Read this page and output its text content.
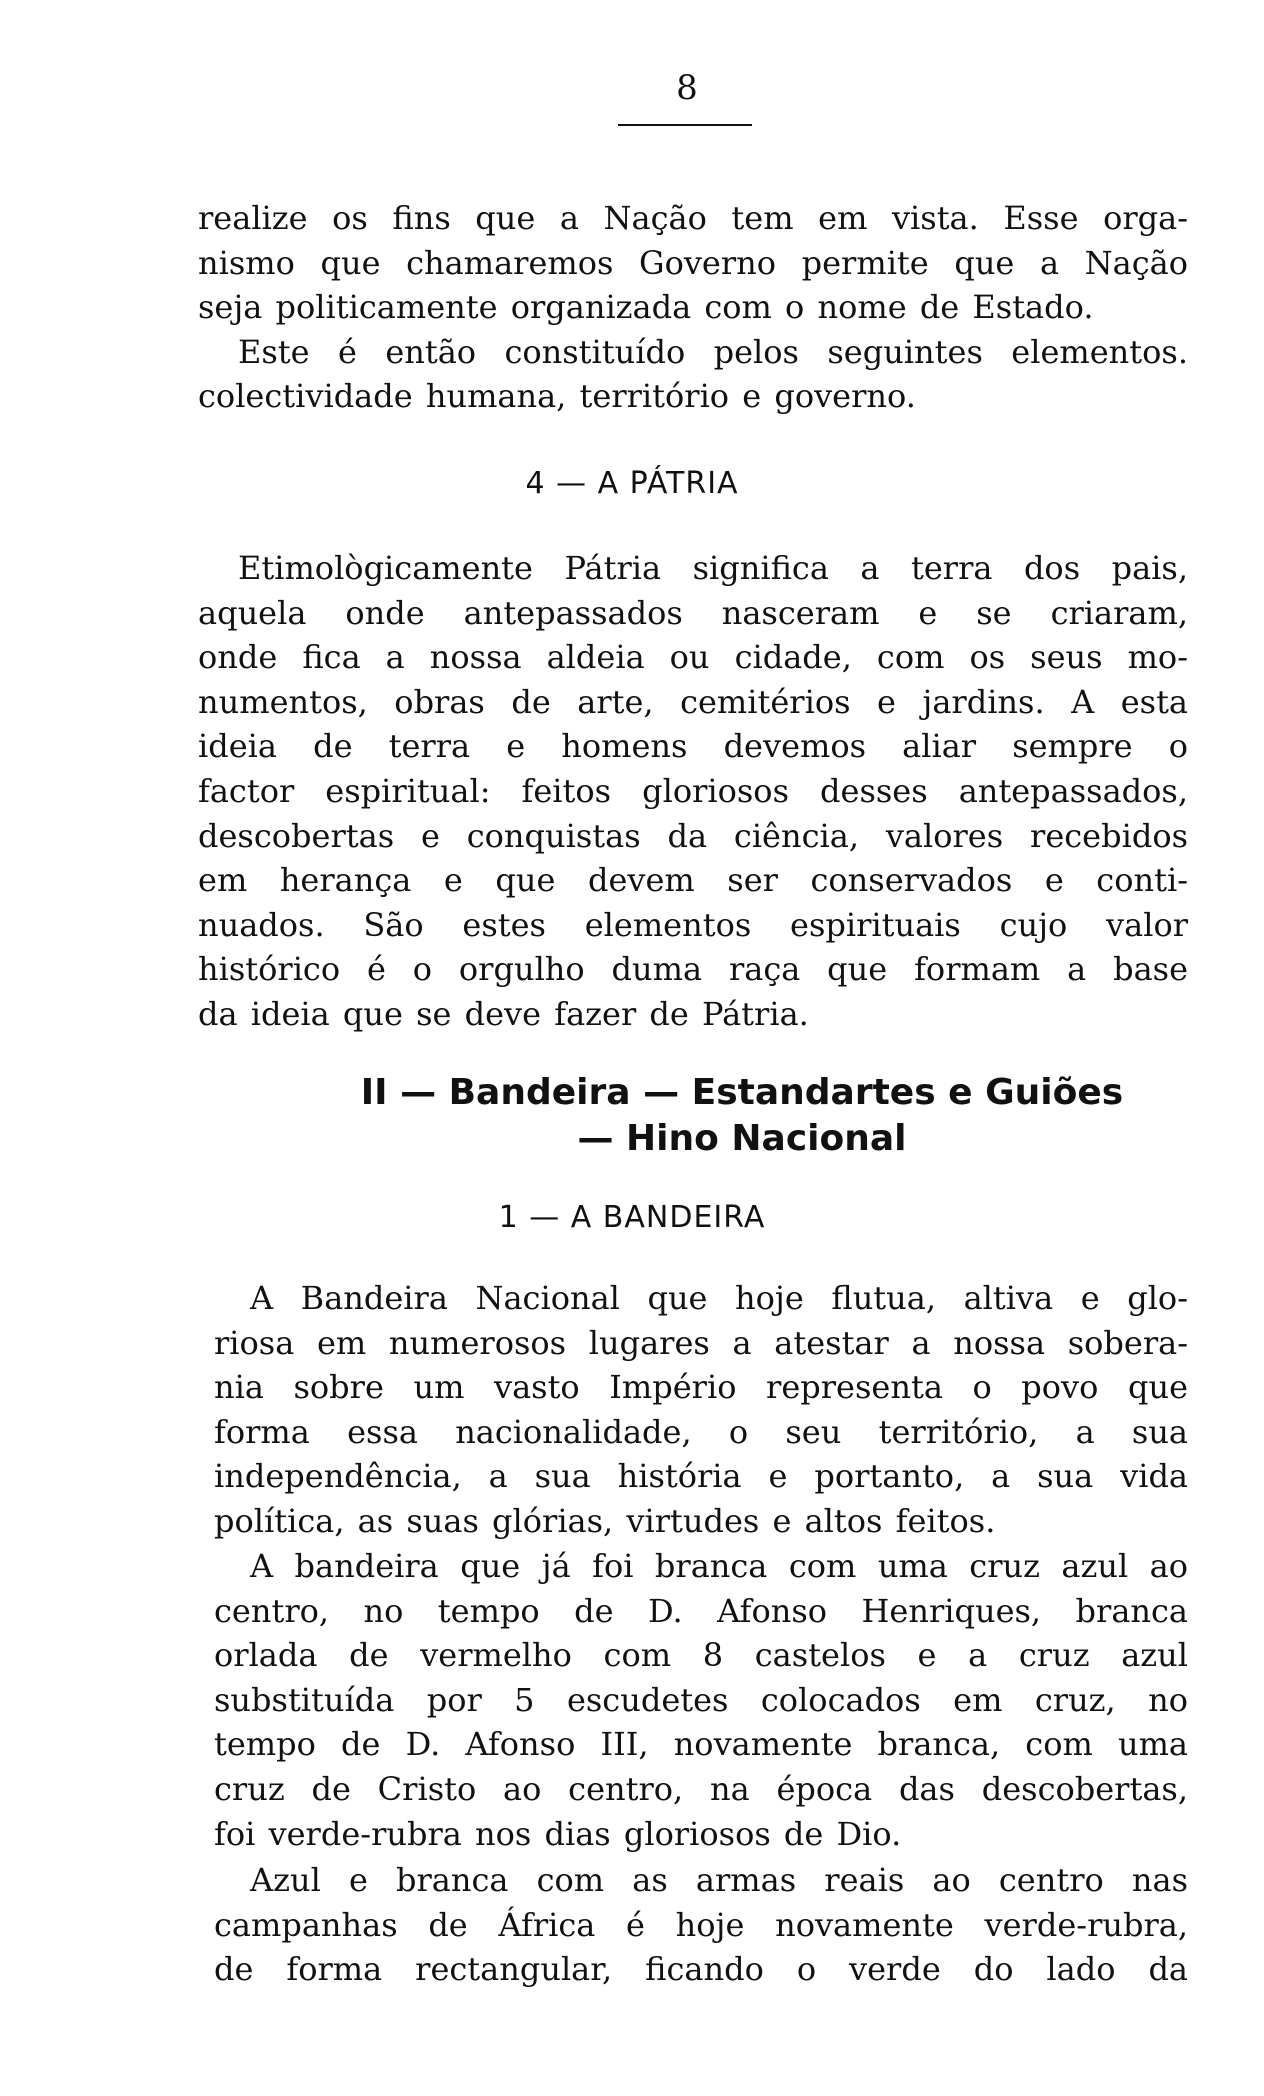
8
realize os fins que a Nação tem em vista. Esse orga-
nismo que chamaremos Governo permite que a Nação
seja politicamente organizada com o nome de Estado.
Este é então constituído pelos seguintes elementos.
colectividade humana, território e governo.
4 — A PÁTRIA
Etimològicamente Pátria significa a terra dos pais,
aquela onde antepassados nasceram e se criaram,
onde fica a nossa aldeia ou cidade, com os seus mo-
numentos, obras de arte, cemitérios e jardins. A esta
ideia de terra e homens devemos aliar sempre o
factor espiritual: feitos gloriosos desses antepassados,
descobertas e conquistas da ciência, valores recebidos
em herança e que devem ser conservados e conti-
nuados. São estes elementos espirituais cujo valor
histórico é o orgulho duma raça que formam a base
da ideia que se deve fazer de Pátria.
II — Bandeira — Estandartes e Guiões
— Hino Nacional
1 — A BANDEIRA
A Bandeira Nacional que hoje flutua, altiva e glo-
riosa em numerosos lugares a atestar a nossa sobera-
nia sobre um vasto Império representa o povo que
forma essa nacionalidade, o seu território, a sua
independência, a sua história e portanto, a sua vida
política, as suas glórias, virtudes e altos feitos.
A bandeira que já foi branca com uma cruz azul ao
centro, no tempo de D. Afonso Henriques, branca
orlada de vermelho com 8 castelos e a cruz azul
substituída por 5 escudetes colocados em cruz, no
tempo de D. Afonso III, novamente branca, com uma
cruz de Cristo ao centro, na época das descobertas,
foi verde-rubra nos dias gloriosos de Dio.
Azul e branca com as armas reais ao centro nas
campanhas de África é hoje novamente verde-rubra,
de forma rectangular, ficando o verde do lado da
